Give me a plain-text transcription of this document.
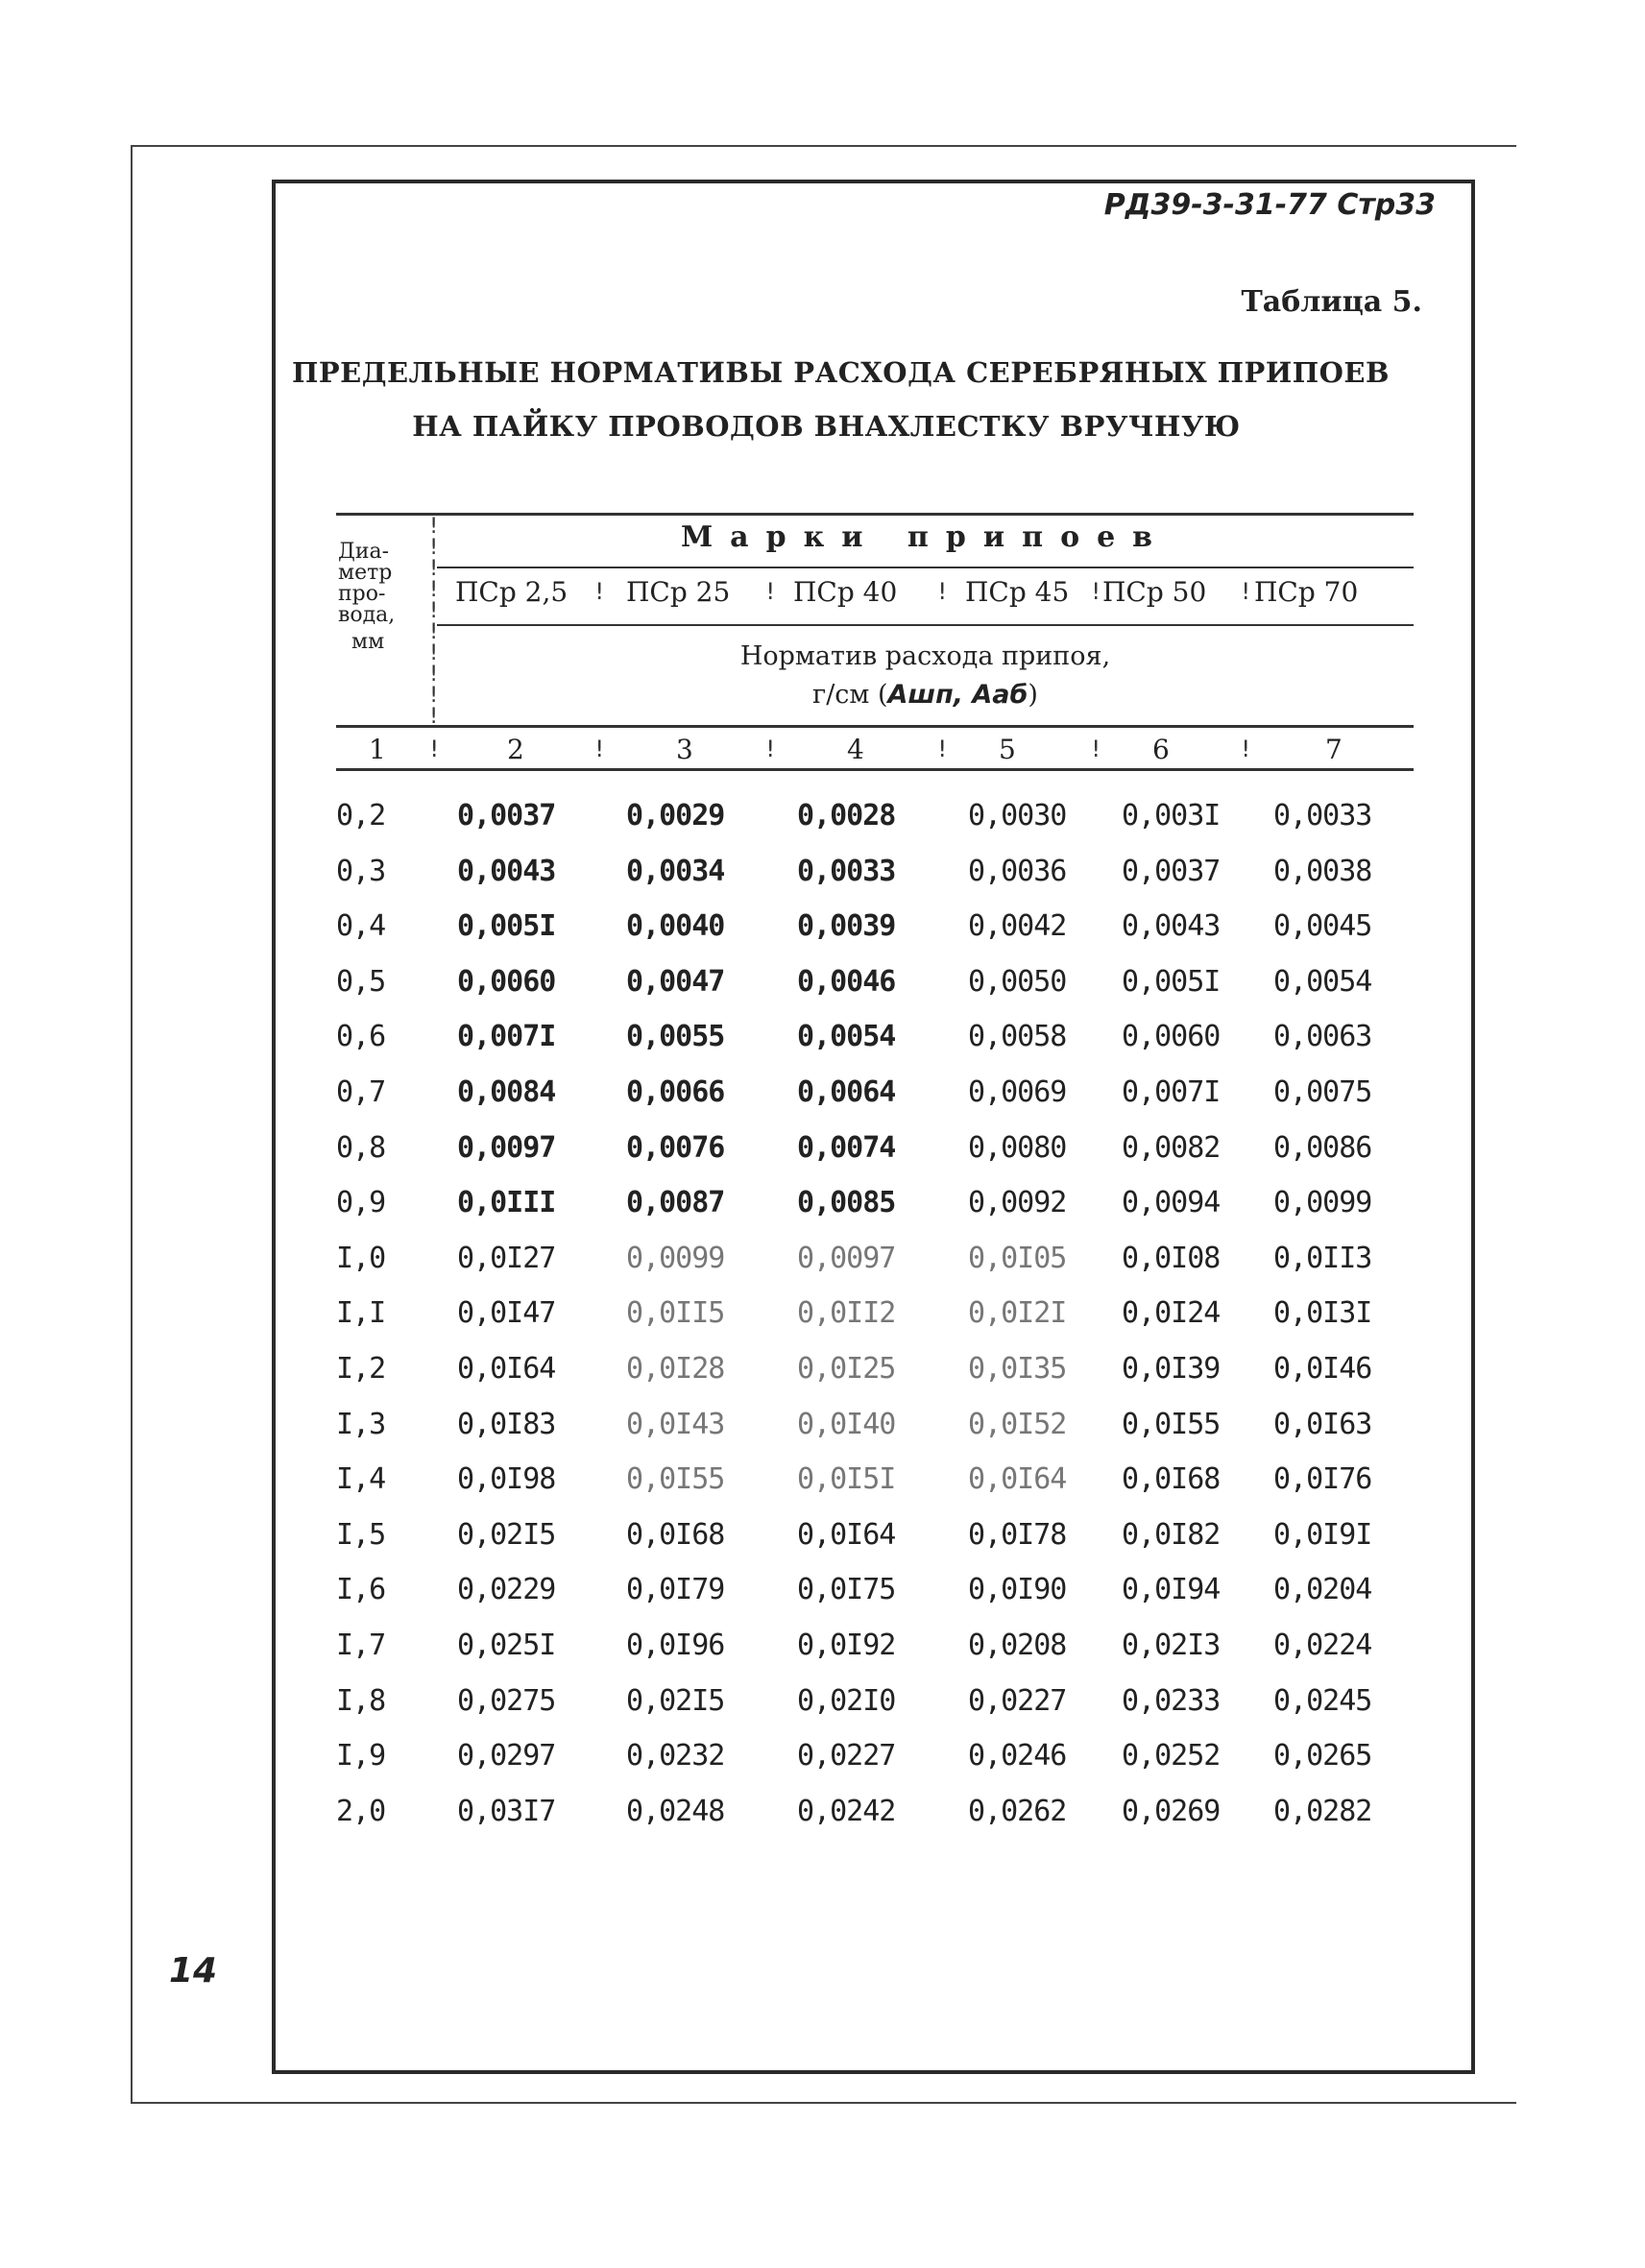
РД39-3-31-77 Стр33
Таблица 5.
ПРЕДЕЛЬНЫЕ НОРМАТИВЫ РАСХОДА СЕРЕБРЯНЫХ ПРИПОЕВ
НА ПАЙКУ ПРОВОДОВ ВНАХЛЕСТКУ ВРУЧНУЮ
!
!
!
!
!
!
!
!
!
!
Диа-
метр
про-
вода,
мм
Марки припоев
ПСр 2,5 ! ПСр 25 ! ПСр 40 ! ПСр 45 ! ПСр 50 ! ПСр 70
Норматив расхода припоя,
г/см (Ашп, Ааб)
1 ! 2	!	3	!	4	! 5	! 6	!	7
0,2 0,0037 0,0029	0,0028	0,0030 0,003I 0,0033
0,3 0,0043 0,0034	0,0033	0,0036 0,0037 0,0038
0,4 0,005I 0,0040	0,0039	0,0042 0,0043 0,0045
0,5 0,0060 0,0047	0,0046	0,0050 0,005I 0,0054
0,6 0,007I 0,0055	0,0054	0,0058 0,0060 0,0063
0,7 0,0084 0,0066	0,0064	0,0069 0,007I 0,0075
0,8 0,0097 0,0076	0,0074	0,0080 0,0082 0,0086
0,9 0,0III 0,0087	0,0085	0,0092 0,0094 0,0099
I,0 0,0I27 0,0099	0,0097	0,0I05 0,0I08 0,0II3
I,I 0,0I47 0,0II5	0,0II2	0,0I2I 0,0I24 0,0I3I
I,2 0,0I64 0,0I28	0,0I25	0,0I35 0,0I39 0,0I46
I,3 0,0I83 0,0I43	0,0I40	0,0I52 0,0I55 0,0I63
I,4 0,0I98 0,0I55	0,0I5I	0,0I64 0,0I68 0,0I76
I,5 0,02I5 0,0I68	0,0I64	0,0I78 0,0I82 0,0I9I
I,6 0,0229 0,0I79	0,0I75	0,0I90 0,0I94 0,0204
I,7 0,025I 0,0I96	0,0I92	0,0208 0,02I3 0,0224
I,8 0,0275 0,02I5	0,02I0	0,0227 0,0233 0,0245
I,9 0,0297 0,0232	0,0227	0,0246 0,0252 0,0265
2,0 0,03I7 0,0248	0,0242	0,0262 0,0269 0,0282
14
